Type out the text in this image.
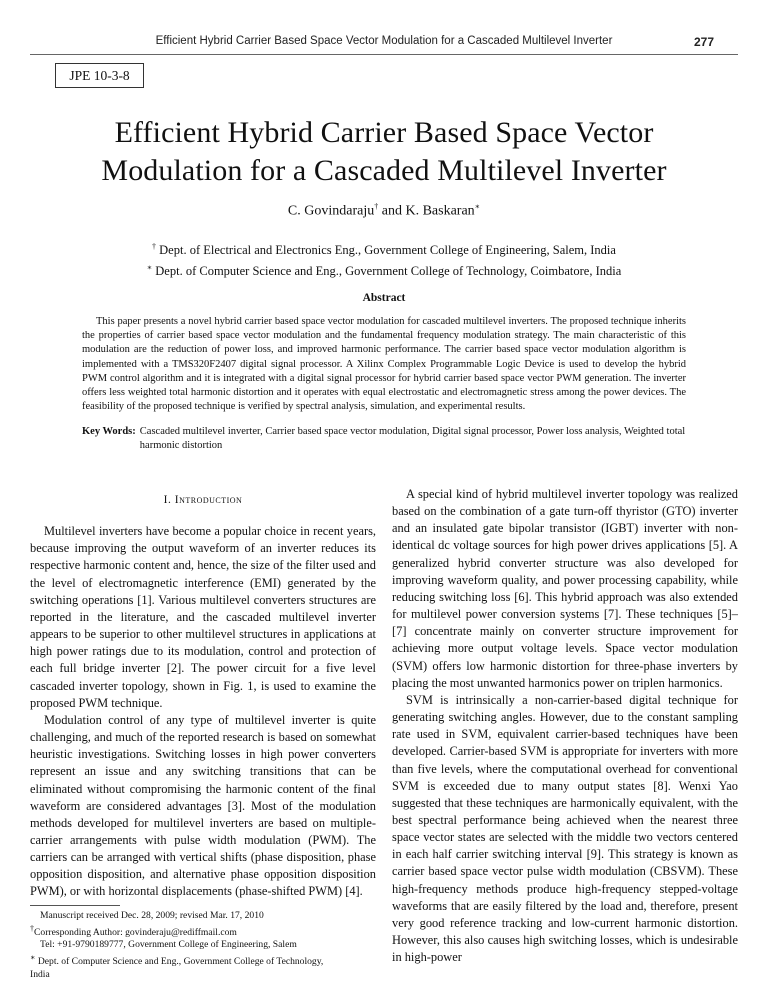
Efficient Hybrid Carrier Based Space Vector Modulation for a Cascaded Multilevel Inverter	277
JPE 10-3-8
Efficient Hybrid Carrier Based Space Vector
Modulation for a Cascaded Multilevel Inverter
C. Govindaraju† and K. Baskaran∗
† Dept. of Electrical and Electronics Eng., Government College of Engineering, Salem, India
∗ Dept. of Computer Science and Eng., Government College of Technology, Coimbatore, India
Abstract

This paper presents a novel hybrid carrier based space vector modulation for cascaded multilevel inverters. The proposed technique inherits the properties of carrier based space vector modulation and the fundamental frequency modulation strategy. The main characteristic of this modulation are the reduction of power loss, and improved harmonic performance. The carrier based space vector modulation algorithm is implemented with a TMS320F2407 digital signal processor. A Xilinx Complex Programmable Logic Device is used to develop the hybrid PWM control algorithm and it is integrated with a digital signal processor for hybrid carrier based space vector PWM generation. The inverter offers less weighted total harmonic distortion and it operates with equal electrostatic and electromagnetic stress among the power devices. The feasibility of the proposed technique is verified by spectral analysis, simulation, and experimental results.

Key Words: Cascaded multilevel inverter, Carrier based space vector modulation, Digital signal processor, Power loss analysis, Weighted total harmonic distortion
I. Introduction

Multilevel inverters have become a popular choice in recent years, because improving the output waveform of an inverter reduces its respective harmonic content and, hence, the size of the filter used and the level of electromagnetic interference (EMI) generated by the switching operations [1]. Various multilevel converters structures are reported in the literature, and the cascaded multilevel inverter appears to be superior to other multilevel structures in applications at high power ratings due to its modulation, control and protection of each full bridge inverter [2]. The power circuit for a five level cascaded inverter topology, shown in Fig. 1, is used to examine the proposed PWM technique.

Modulation control of any type of multilevel inverter is quite challenging, and much of the reported research is based on somewhat heuristic investigations. Switching losses in high power converters represent an issue and any switching transitions that can be eliminated without compromising the harmonic content of the final waveform are considered advantages [3]. Most of the modulation methods developed for multilevel inverters are based on multiple-carrier arrangements with pulse width modulation (PWM). The carriers can be arranged with vertical shifts (phase disposition, phase opposition disposition, and alternative phase opposition disposition PWM), or with horizontal displacements (phase-shifted PWM) [4].

A special kind of hybrid multilevel inverter topology was realized based on the combination of a gate turn-off thyristor (GTO) inverter and an insulated gate bipolar transistor (IGBT) inverter with non-identical dc voltage sources for high power drives applications [5]. A generalized hybrid converter structure was also developed for improving waveform quality, and power processing capability, while reducing switching loss [6]. This hybrid approach was also extended for multilevel power conversion systems [7]. These techniques [5]–[7] concentrate mainly on converter structure improvement for achieving more output voltage levels. Space vector modulation (SVM) offers low harmonic distortion for three-phase inverters by placing the most unwanted harmonics power on triplen harmonics.

SVM is intrinsically a non-carrier-based digital technique for generating switching angles. However, due to the constant sampling rate used in SVM, equivalent carrier-based techniques have been developed. Carrier-based SVM is appropriate for inverters with more than five levels, where the computational overhead for conventional SVM is exceeded due to many output states [8]. Wenxi Yao suggested that these techniques are harmonically equivalent, with the best spectral performance being achieved when the nearest three space vector states are selected with the middle two vectors centered in each half carrier switching interval [9]. This strategy is known as carrier based space vector pulse width modulation (CBSVM). These high-frequency methods produce high-frequency stepped-voltage waveforms that are easily filtered by the load and, therefore, present very good reference tracking and low-current harmonic distortion. However, this also causes high switching losses, which is undesirable in high-power

Manuscript received Dec. 28, 2009; revised Mar. 17, 2010

†Corresponding Author: govinderaju@rediffmail.com

Tel: +91-9790189777, Government College of Engineering, Salem

∗ Dept. of Computer Science and Eng., Government College of Technology,

India
